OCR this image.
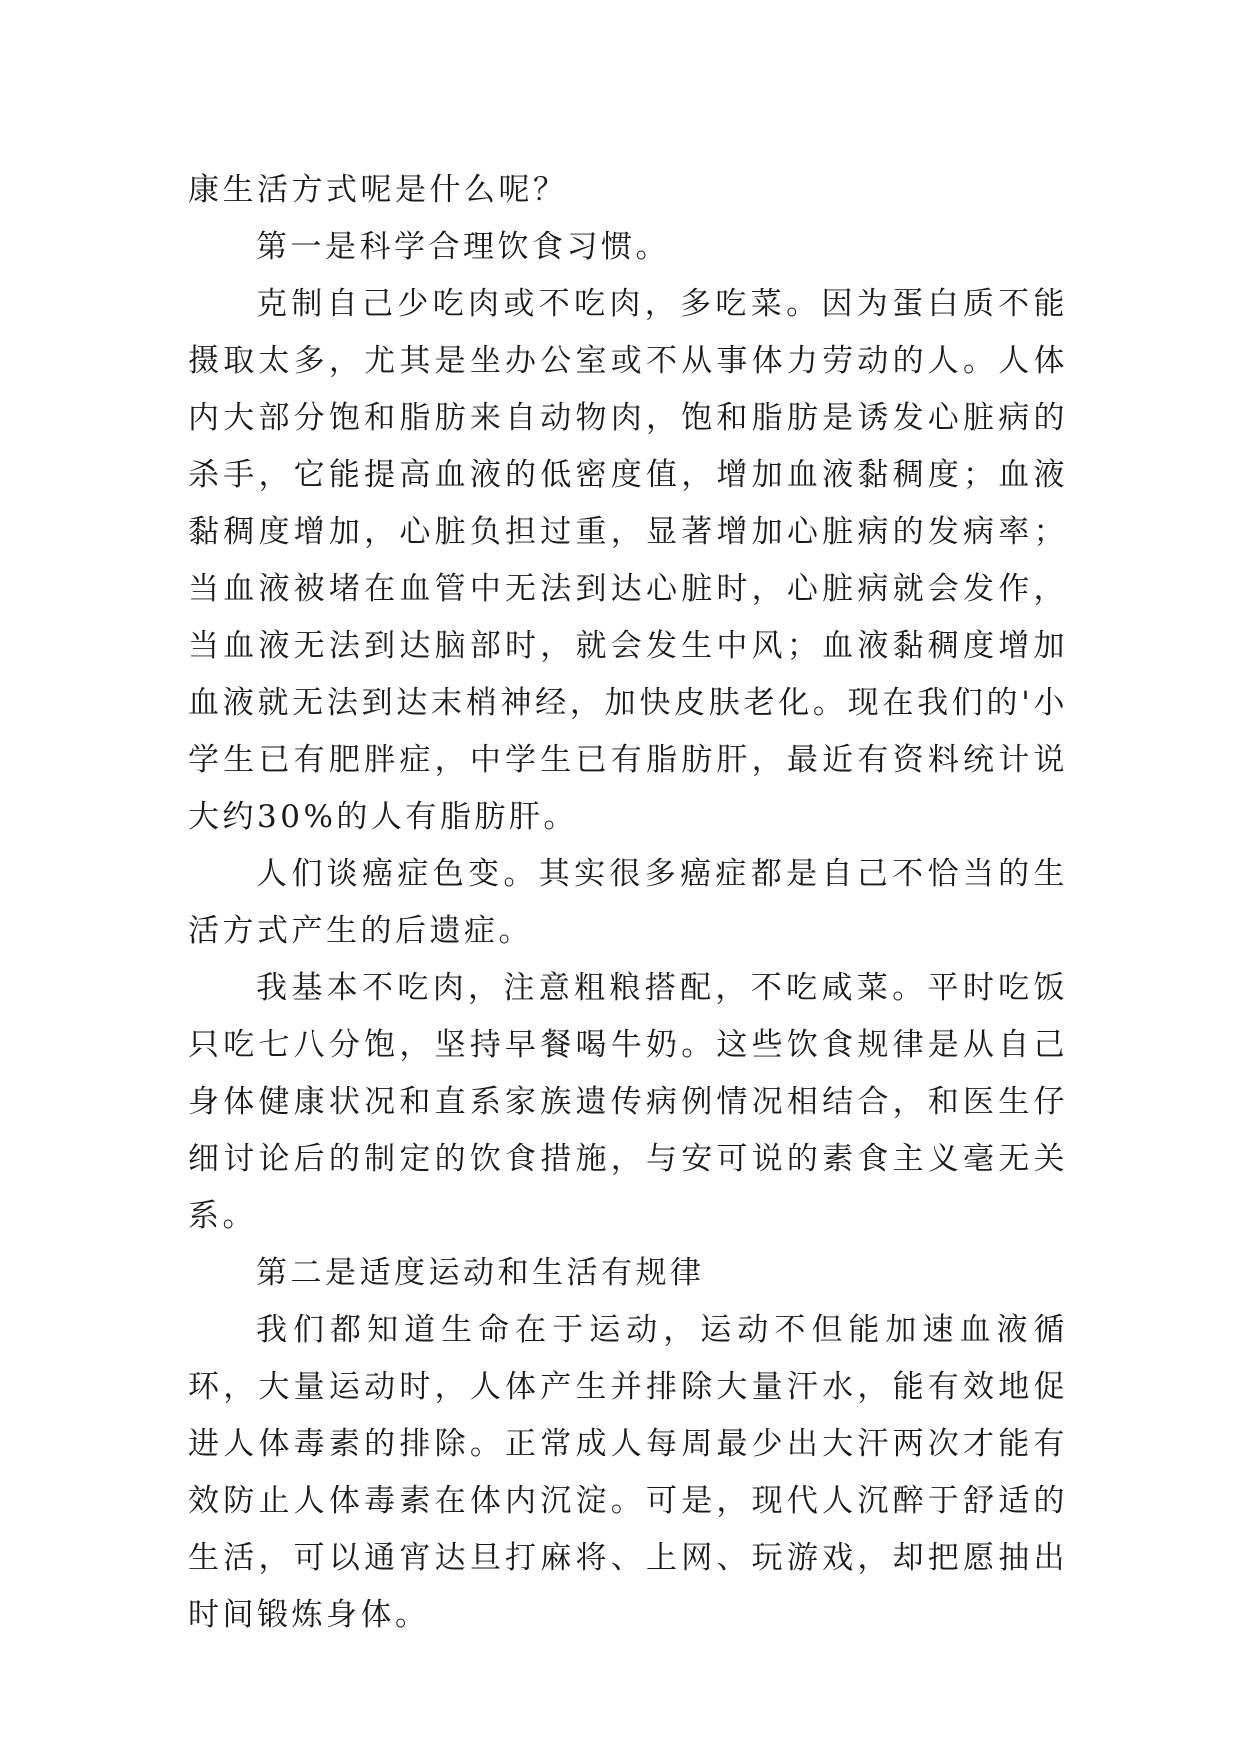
康生活方式呢是什么呢？

第一是科学合理饮食习惯。

克制自己少吃肉或不吃肉，多吃菜。因为蛋白质不能摄取太多，尤其是坐办公室或不从事体力劳动的人。人体内大部分饱和脂肪来自动物肉，饱和脂肪是诱发心脏病的杀手，它能提高血液的低密度值，增加血液黏稠度；血液黏稠度增加，心脏负担过重，显著增加心脏病的发病率；当血液被堵在血管中无法到达心脏时，心脏病就会发作，当血液无法到达脑部时，就会发生中风；血液黏稠度增加血液就无法到达末梢神经，加快皮肤老化。现在我们的'小学生已有肥胖症，中学生已有脂肪肝，最近有资料统计说大约30%的人有脂肪肝。

人们谈癌症色变。其实很多癌症都是自己不恰当的生活方式产生的后遗症。

我基本不吃肉，注意粗粮搭配，不吃咸菜。平时吃饭只吃七八分饱，坚持早餐喝牛奶。这些饮食规律是从自己身体健康状况和直系家族遗传病例情况相结合，和医生仔细讨论后的制定的饮食措施，与安可说的素食主义毫无关系。

第二是适度运动和生活有规律

我们都知道生命在于运动，运动不但能加速血液循环，大量运动时，人体产生并排除大量汗水，能有效地促进人体毒素的排除。正常成人每周最少出大汗两次才能有效防止人体毒素在体内沉淀。可是，现代人沉醉于舒适的生活，可以通宵达旦打麻将、上网、玩游戏，却把愿抽出时间锻炼身体。
